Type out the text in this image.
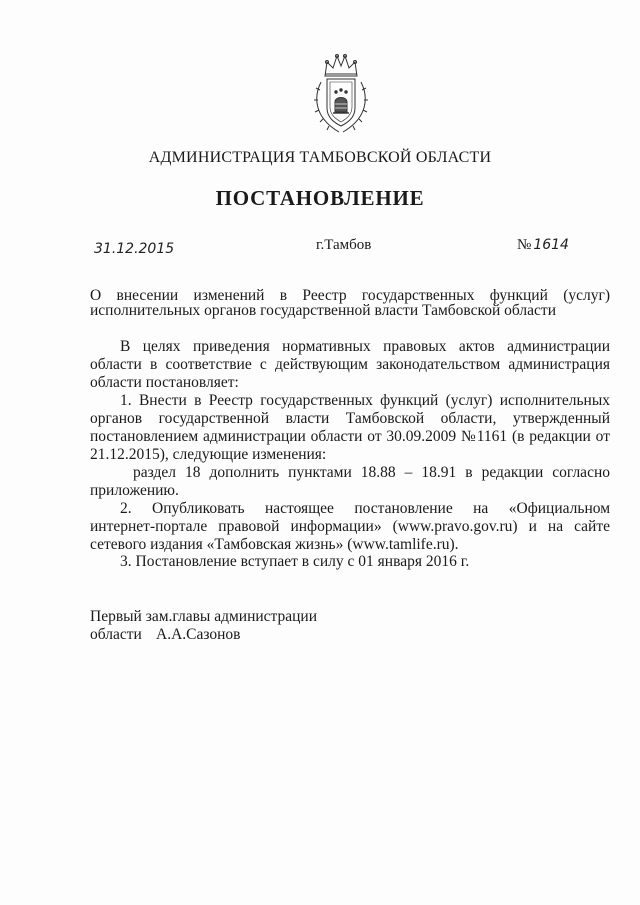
АДМИНИСТРАЦИЯ ТАМБОВСКОЙ ОБЛАСТИ
ПОСТАНОВЛЕНИЕ
31.12.2015	г.Тамбов	№ 1614
О внесении изменений в Реестр государственных функций (услуг)
исполнительных органов государственной власти Тамбовской области
В целях приведения нормативных правовых актов администрации
области в соответствие с действующим законодательством администрация
области постановляет:
1. Внести в Реестр государственных функций (услуг) исполнительных
органов государственной власти Тамбовской области, утвержденный
постановлением администрации области от 30.09.2009 №1161 (в редакции от
21.12.2015), следующие изменения:
раздел 18 дополнить пунктами 18.88 – 18.91 в редакции согласно
приложению.
2. Опубликовать настоящее постановление на «Официальном
интернет-портале правовой информации» (www.pravo.gov.ru) и на сайте
сетевого издания «Тамбовская жизнь» (www.tamlife.ru).
3. Постановление вступает в силу с 01 января 2016 г.
Первый зам.главы администрации
области А.А.Сазонов
